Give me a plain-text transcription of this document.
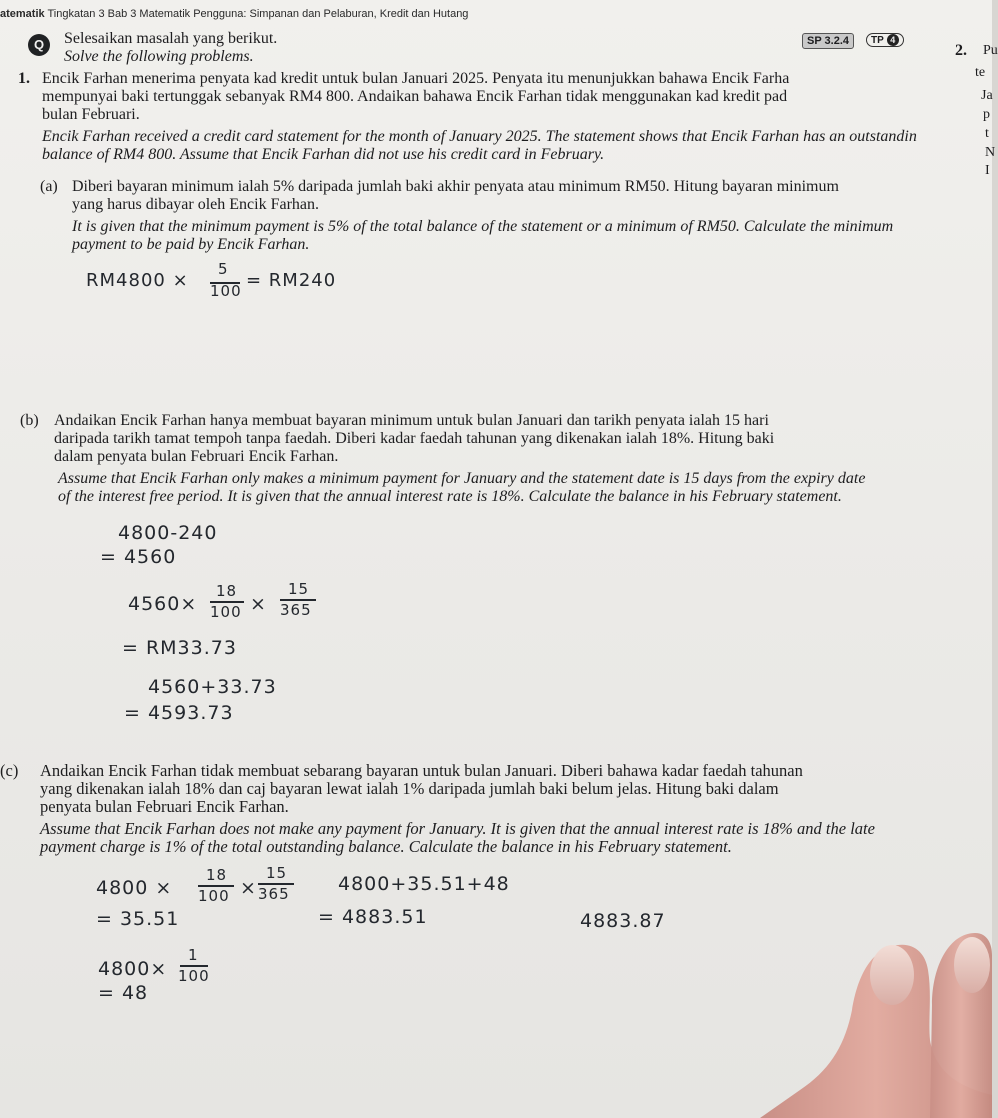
atematik Tingkatan 3 Bab 3 Matematik Pengguna: Simpanan dan Pelaburan, Kredit dan Hutang
Q	Selesaikan masalah yang berikut.
Solve the following problems.
SP 3.2.4	TP 4
2. Pu
te
Ja
p
t
N
I
1. Encik Farhan menerima penyata kad kredit untuk bulan Januari 2025. Penyata itu menunjukkan bahawa Encik Farha
mempunyai baki tertunggak sebanyak RM4 800. Andaikan bahawa Encik Farhan tidak menggunakan kad kredit pad
bulan Februari.
Encik Farhan received a credit card statement for the month of January 2025. The statement shows that Encik Farhan has an outstandin
balance of RM4 800. Assume that Encik Farhan did not use his credit card in February.
(a) Diberi bayaran minimum ialah 5% daripada jumlah baki akhir penyata atau minimum RM50. Hitung bayaran minimum
yang harus dibayar oleh Encik Farhan.
It is given that the minimum payment is 5% of the total balance of the statement or a minimum of RM50. Calculate the minimum
payment to be paid by Encik Farhan.
RM4800 ×
5
100 = RM240
(b) Andaikan Encik Farhan hanya membuat bayaran minimum untuk bulan Januari dan tarikh penyata ialah 15 hari
daripada tarikh tamat tempoh tanpa faedah. Diberi kadar faedah tahunan yang dikenakan ialah 18%. Hitung baki
dalam penyata bulan Februari Encik Farhan.
Assume that Encik Farhan only makes a minimum payment for January and the statement date is 15 days from the expiry date
of the interest free period. It is given that the annual interest rate is 18%. Calculate the balance in his February statement.
4800-240
= 4560
4560×
18
100 ×
15
365
= RM33.73
4560+33.73
= 4593.73
(c)	Andaikan Encik Farhan tidak membuat sebarang bayaran untuk bulan Januari. Diberi bahawa kadar faedah tahunan
yang dikenakan ialah 18% dan caj bayaran lewat ialah 1% daripada jumlah baki belum jelas. Hitung baki dalam
penyata bulan Februari Encik Farhan.
Assume that Encik Farhan does not make any payment for January. It is given that the annual interest rate is 18% and the late
payment charge is 1% of the total outstanding balance. Calculate the balance in his February statement.
4800 ×
18
100 ×
15
365
= 35.51
4800×
1
100
= 48
4800+35.51+48
= 4883.51	4883.87
